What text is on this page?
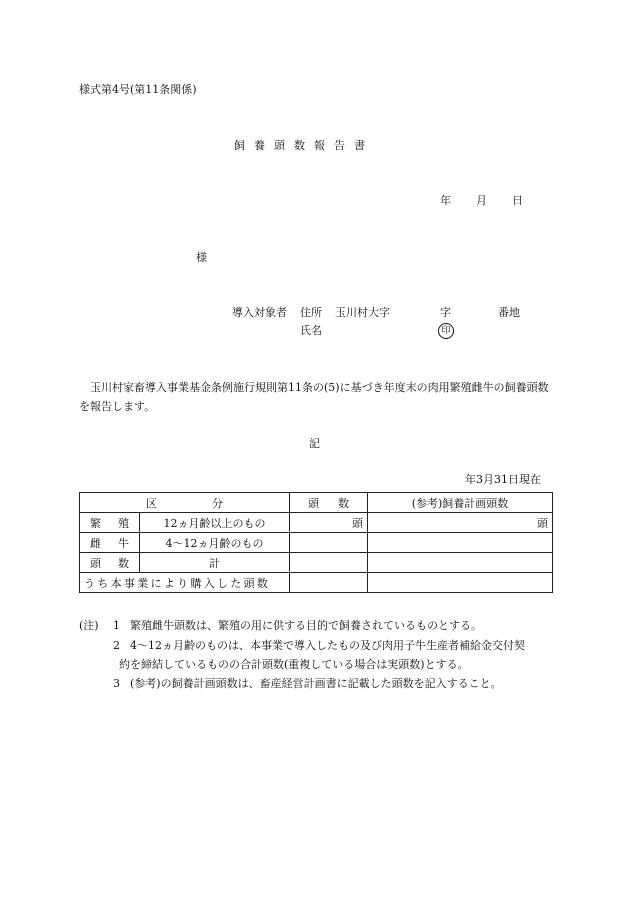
様式第4号(第11条関係)
飼養頭数報告書
年 月 日
様
導入対象者 住所 玉川村大字	字	番地
氏名	印
玉川村家畜導入事業基金条例施行規則第11条の(5)に基づき年度末の肉用繁殖雌牛の飼養頭数を報告します。
記
年3月31日現在
区 分		頭 数	(参考)飼養計画頭数

繁 殖	12ヵ月齢以上のもの	頭	頭

雌 牛	4〜12ヵ月齢のもの		

頭 数	計		
うち本事業により購入した頭数			
(注) 1 繁殖雌牛頭数は、繁殖の用に供する目的で飼養されているものとする。
2 4〜12ヵ月齢のものは、本事業で導入したもの及び肉用子牛生産者補給金交付契
約を締結しているものの合計頭数(重複している場合は実頭数)とする。
3 (参考)の飼養計画頭数は、畜産経営計画書に記載した頭数を記入すること。
